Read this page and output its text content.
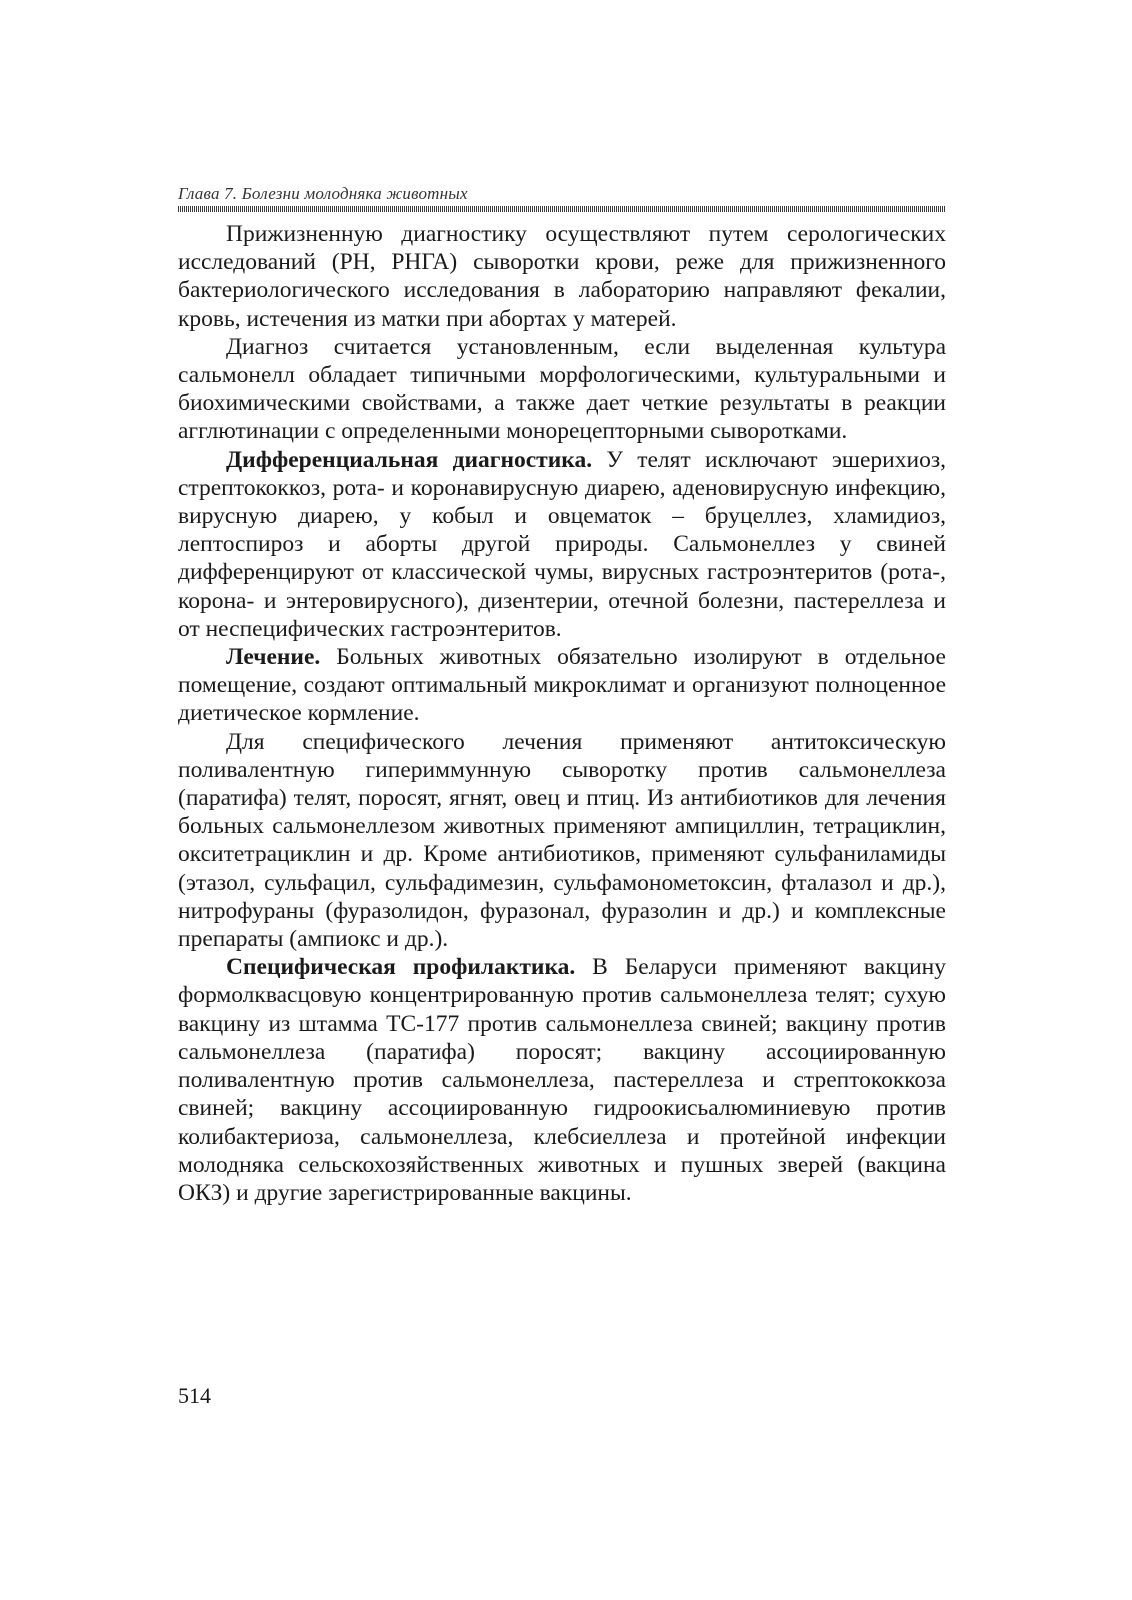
Глава 7. Болезни молодняка животных

Прижизненную диагностику осуществляют путем серологических исследований (РН, РНГА) сыворотки крови, реже для прижизненного бактериологического исследования в лабораторию направляют фекалии, кровь, истечения из матки при абортах у матерей.

Диагноз считается установленным, если выделенная культура сальмонелл обладает типичными морфологическими, культуральными и биохимическими свойствами, а также дает четкие результаты в реакции агглютинации с определенными монорецепторными сыворотками.

Дифференциальная диагностика. У телят исключают эшерихиоз, стрептококкоз, рота- и коронавирусную диарею, аденовирусную инфекцию, вирусную диарею, у кобыл и овцематок – бруцеллез, хламидиоз, лептоспироз и аборты другой природы. Сальмонеллез у свиней дифференцируют от классической чумы, вирусных гастроэнтеритов (рота-, корона- и энтеровирусного), дизентерии, отечной болезни, пастереллеза и от неспецифических гастроэнтеритов.

Лечение. Больных животных обязательно изолируют в отдельное помещение, создают оптимальный микроклимат и организуют полноценное диетическое кормление.

Для специфического лечения применяют антитоксическую поливалентную гипериммунную сыворотку против сальмонеллеза (паратифа) телят, поросят, ягнят, овец и птиц. Из антибиотиков для лечения больных сальмонеллезом животных применяют ампициллин, тетрациклин, окситетрациклин и др. Кроме антибиотиков, применяют сульфаниламиды (этазол, сульфацил, сульфадимезин, сульфамонометоксин, фталазол и др.), нитрофураны (фуразолидон, фуразонал, фуразолин и др.) и комплексные препараты (ампиокс и др.).

Специфическая профилактика. В Беларуси применяют вакцину формолквасцовую концентрированную против сальмонеллеза телят; сухую вакцину из штамма ТС-177 против сальмонеллеза свиней; вакцину против сальмонеллеза (паратифа) поросят; вакцину ассоциированную поливалентную против сальмонеллеза, пастереллеза и стрептококкоза свиней; вакцину ассоциированную гидроокисьалюминиевую против колибактериоза, сальмонеллеза, клебсиеллеза и протейной инфекции молодняка сельскохозяйственных животных и пушных зверей (вакцина ОКЗ) и другие зарегистрированные вакцины.

514
